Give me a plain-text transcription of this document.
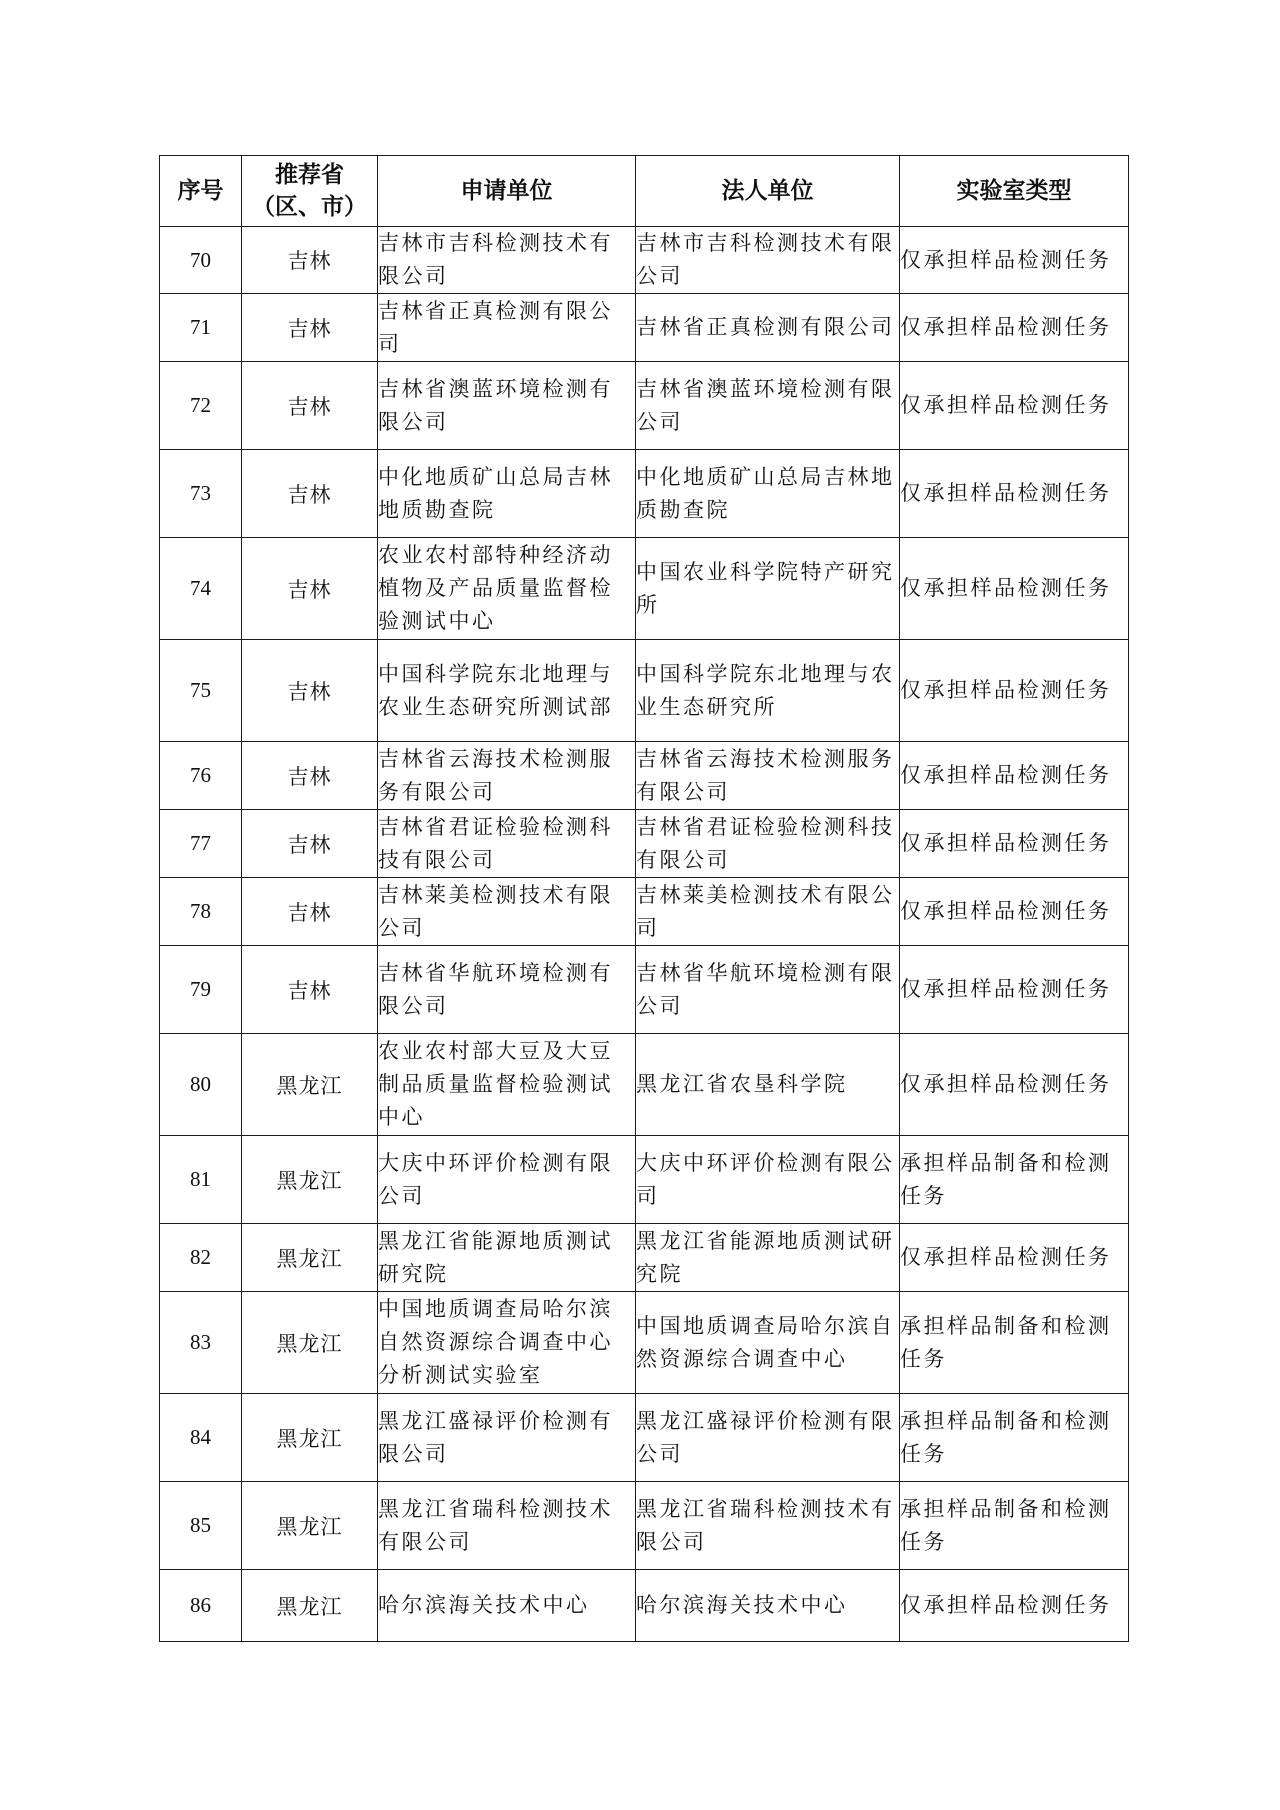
序号	推荐省（区、市）	申请单位	法人单位	实验室类型
70	吉林	吉林市吉科检测技术有限公司	吉林市吉科检测技术有限公司	仅承担样品检测任务
71	吉林	吉林省正真检测有限公司	吉林省正真检测有限公司	仅承担样品检测任务
72	吉林	吉林省澳蓝环境检测有限公司	吉林省澳蓝环境检测有限公司	仅承担样品检测任务
73	吉林	中化地质矿山总局吉林地质勘查院	中化地质矿山总局吉林地质勘查院	仅承担样品检测任务
74	吉林	农业农村部特种经济动植物及产品质量监督检验测试中心	中国农业科学院特产研究所	仅承担样品检测任务
75	吉林	中国科学院东北地理与农业生态研究所测试部	中国科学院东北地理与农业生态研究所	仅承担样品检测任务
76	吉林	吉林省云海技术检测服务有限公司	吉林省云海技术检测服务有限公司	仅承担样品检测任务
77	吉林	吉林省君证检验检测科技有限公司	吉林省君证检验检测科技有限公司	仅承担样品检测任务
78	吉林	吉林莱美检测技术有限公司	吉林莱美检测技术有限公司	仅承担样品检测任务
79	吉林	吉林省华航环境检测有限公司	吉林省华航环境检测有限公司	仅承担样品检测任务
80	黑龙江	农业农村部大豆及大豆制品质量监督检验测试中心	黑龙江省农垦科学院	仅承担样品检测任务
81	黑龙江	大庆中环评价检测有限公司	大庆中环评价检测有限公司	承担样品制备和检测任务
82	黑龙江	黑龙江省能源地质测试研究院	黑龙江省能源地质测试研究院	仅承担样品检测任务
83	黑龙江	中国地质调查局哈尔滨自然资源综合调查中心分析测试实验室	中国地质调查局哈尔滨自然资源综合调查中心	承担样品制备和检测任务
84	黑龙江	黑龙江盛禄评价检测有限公司	黑龙江盛禄评价检测有限公司	承担样品制备和检测任务
85	黑龙江	黑龙江省瑞科检测技术有限公司	黑龙江省瑞科检测技术有限公司	承担样品制备和检测任务
86	黑龙江	哈尔滨海关技术中心	哈尔滨海关技术中心	仅承担样品检测任务
